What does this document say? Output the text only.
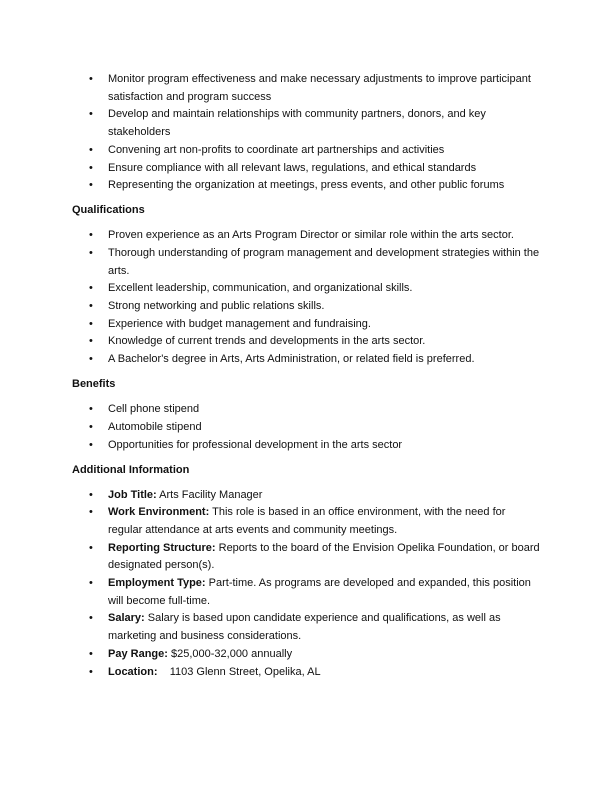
• Monitor program effectiveness and make necessary adjustments to improve participant satisfaction and program success
• Develop and maintain relationships with community partners, donors, and key stakeholders
• Convening art non-profits to coordinate art partnerships and activities
• Ensure compliance with all relevant laws, regulations, and ethical standards
• Representing the organization at meetings, press events, and other public forums
Qualifications
• Proven experience as an Arts Program Director or similar role within the arts sector.
• Thorough understanding of program management and development strategies within the arts.
• Excellent leadership, communication, and organizational skills.
• Strong networking and public relations skills.
• Experience with budget management and fundraising.
• Knowledge of current trends and developments in the arts sector.
• A Bachelor's degree in Arts, Arts Administration, or related field is preferred.
Benefits
• Cell phone stipend
• Automobile stipend
• Opportunities for professional development in the arts sector
Additional Information
• Job Title: Arts Facility Manager
• Work Environment: This role is based in an office environment, with the need for regular attendance at arts events and community meetings.
• Reporting Structure: Reports to the board of the Envision Opelika Foundation, or board designated person(s).
• Employment Type: Part-time. As programs are developed and expanded, this position will become full-time.
• Salary: Salary is based upon candidate experience and qualifications, as well as marketing and business considerations.
• Pay Range: $25,000-32,000 annually
• Location:    1103 Glenn Street, Opelika, AL
